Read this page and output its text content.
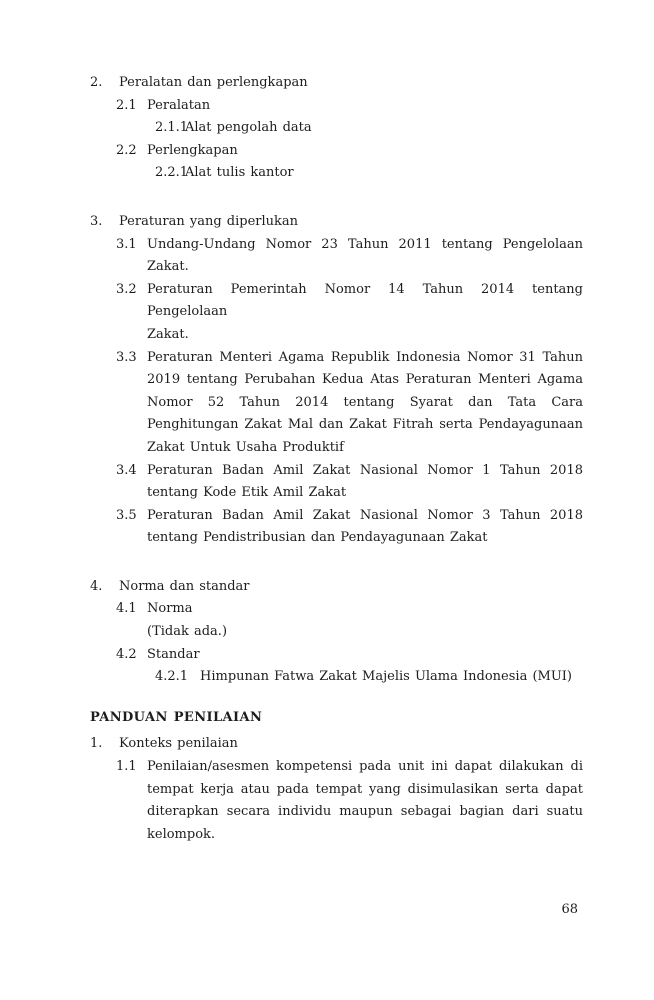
2. Peralatan dan perlengkapan
2.1 Peralatan
2.1.1
Alat pengolah data
2.2 Perlengkapan
2.2.1
Alat tulis kantor
3. Peraturan yang diperlukan
3.1 Undang-Undang Nomor 23 Tahun 2011 tentang Pengelolaan
Zakat.
3.2 Peraturan Pemerintah Nomor 14 Tahun 2014 tentang Pengelolaan
Zakat.
3.3 Peraturan Menteri Agama Republik Indonesia Nomor 31 Tahun
2019 tentang Perubahan Kedua Atas Peraturan Menteri Agama
Nomor 52 Tahun 2014 tentang Syarat dan Tata Cara
Penghitungan Zakat Mal dan Zakat Fitrah serta Pendayagunaan
Zakat Untuk Usaha Produktif
3.4 Peraturan Badan Amil Zakat Nasional Nomor 1 Tahun 2018
tentang Kode Etik Amil Zakat
3.5 Peraturan Badan Amil Zakat Nasional Nomor 3 Tahun 2018
tentang Pendistribusian dan Pendayagunaan Zakat
4. Norma dan standar
4.1 Norma
(Tidak ada.)
4.2 Standar
4.2.1 Himpunan Fatwa Zakat Majelis Ulama Indonesia (MUI)
PANDUAN PENILAIAN
1. Konteks penilaian
1.1 Penilaian/asesmen kompetensi pada unit ini dapat dilakukan di
tempat kerja atau pada tempat yang disimulasikan serta dapat
diterapkan secara individu maupun sebagai bagian dari suatu
kelompok.
68
